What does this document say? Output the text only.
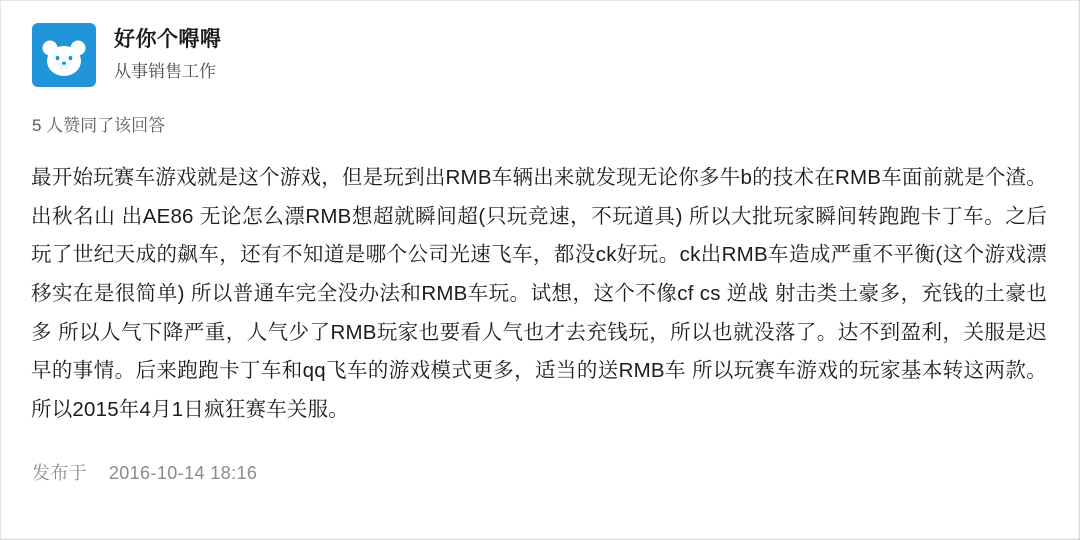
好你个嘚嘚
从事销售工作
5 人赞同了该回答
最开始玩赛车游戏就是这个游戏，但是玩到出RMB车辆出来就发现无论你多牛b的技术在RMB车面前就是个渣。出秋名山 出AE86 无论怎么漂RMB想超就瞬间超(只玩竞速，不玩道具) 所以大批玩家瞬间转跑跑卡丁车。之后玩了世纪天成的飙车，还有不知道是哪个公司光速飞车，都没ck好玩。ck出RMB车造成严重不平衡(这个游戏漂移实在是很简单) 所以普通车完全没办法和RMB车玩。试想，这个不像cf cs 逆战 射击类土豪多，充钱的土豪也多 所以人气下降严重，人气少了RMB玩家也要看人气也才去充钱玩，所以也就没落了。达不到盈利，关服是迟早的事情。后来跑跑卡丁车和qq飞车的游戏模式更多，适当的送RMB车 所以玩赛车游戏的玩家基本转这两款。所以2015年4月1日疯狂赛车关服。
发布于 2016-10-14 18:16
